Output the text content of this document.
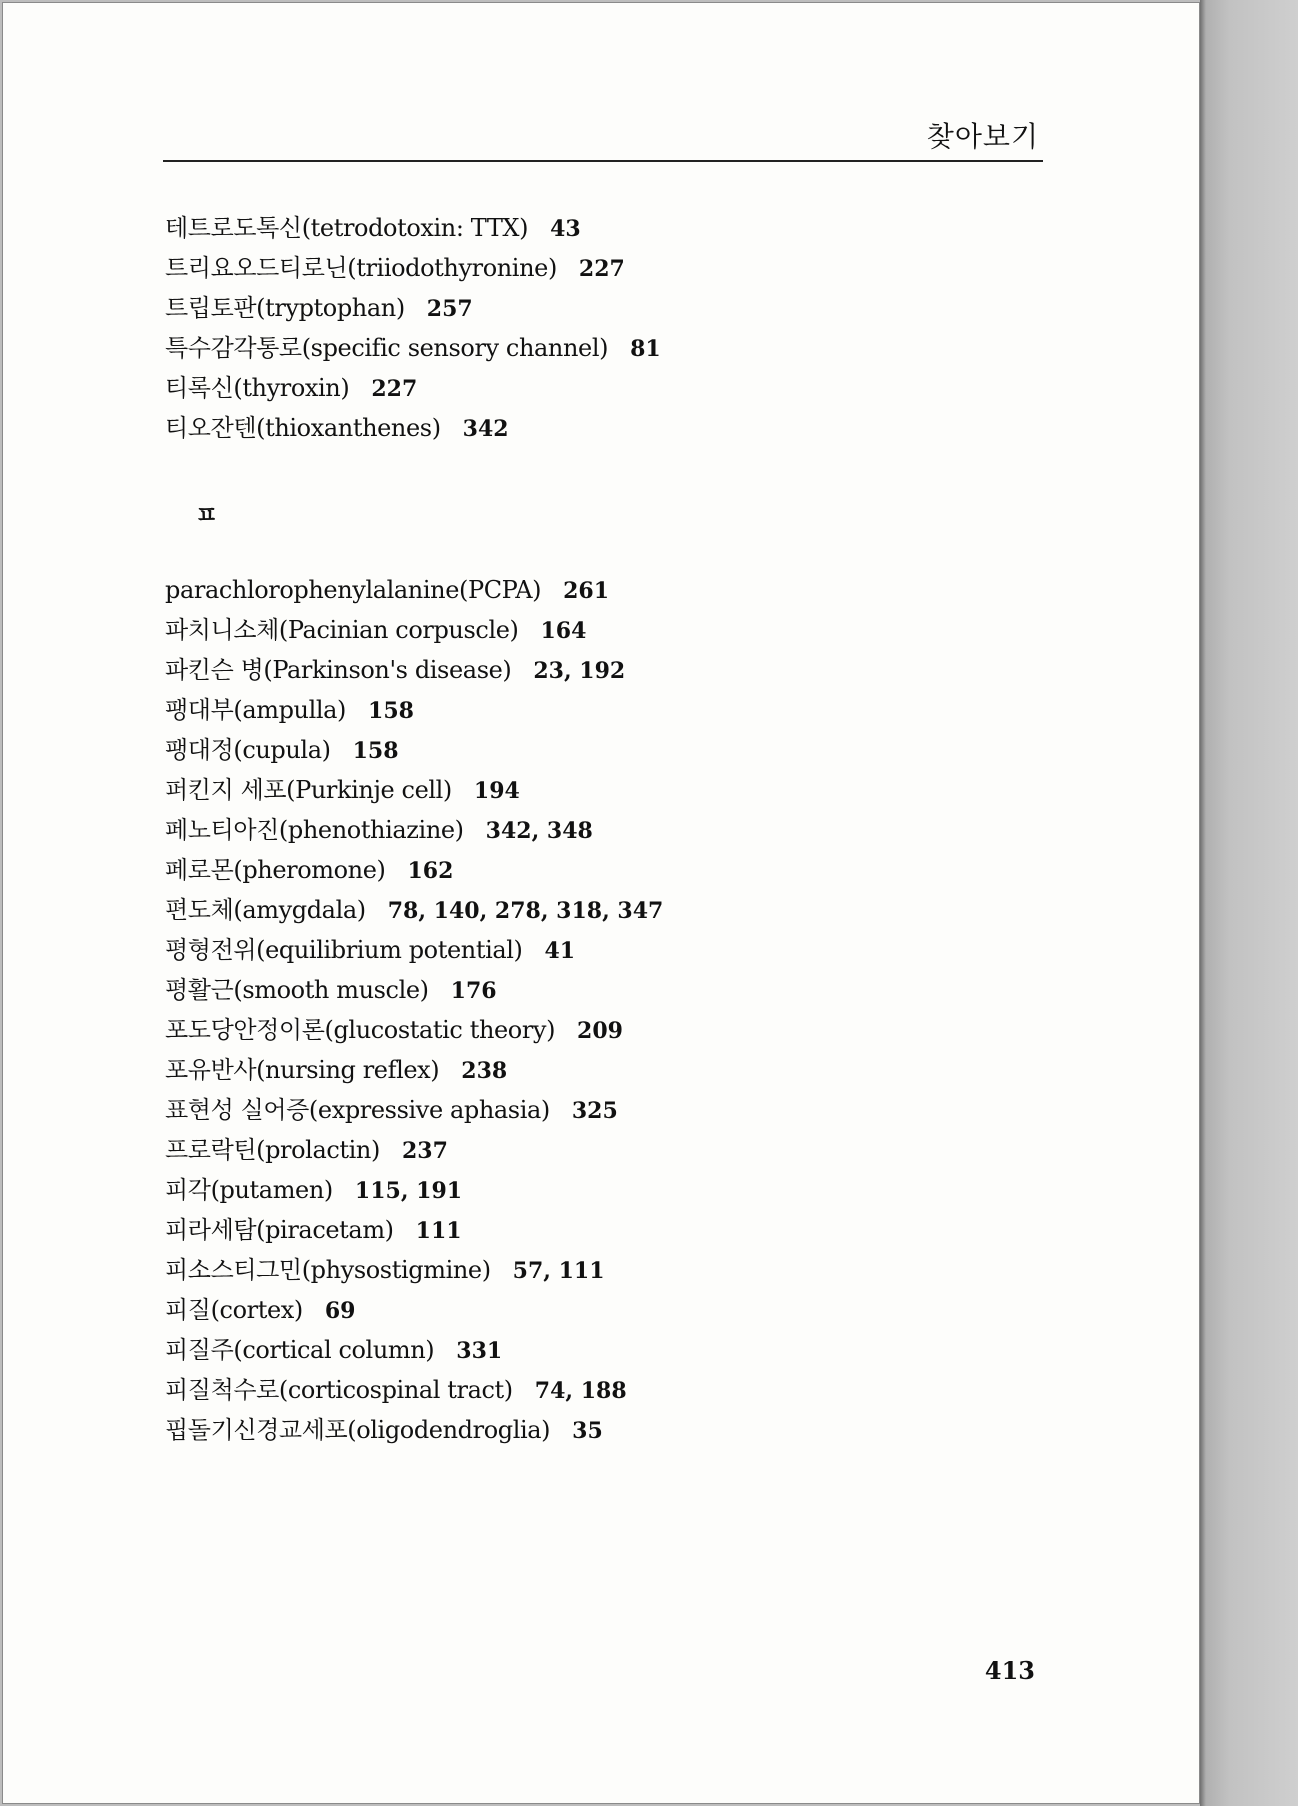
찾아보기
테트로도톡신(tetrodotoxin: TTX) 43
트리요오드티로닌(triiodothyronine) 227
트립토판(tryptophan) 257
특수감각통로(specific sensory channel) 81
티록신(thyroxin) 227
티오잔텐(thioxanthenes) 342
ㅍ
parachlorophenylalanine(PCPA) 261
파치니소체(Pacinian corpuscle) 164
파킨슨 병(Parkinson's disease) 23, 192
팽대부(ampulla) 158
팽대정(cupula) 158
퍼킨지 세포(Purkinje cell) 194
페노티아진(phenothiazine) 342, 348
페로몬(pheromone) 162
편도체(amygdala) 78, 140, 278, 318, 347
평형전위(equilibrium potential) 41
평활근(smooth muscle) 176
포도당안정이론(glucostatic theory) 209
포유반사(nursing reflex) 238
표현성 실어증(expressive aphasia) 325
프로락틴(prolactin) 237
피각(putamen) 115, 191
피라세탐(piracetam) 111
피소스티그민(physostigmine) 57, 111
피질(cortex) 69
피질주(cortical column) 331
피질척수로(corticospinal tract) 74, 188
핍돌기신경교세포(oligodendroglia) 35
413
